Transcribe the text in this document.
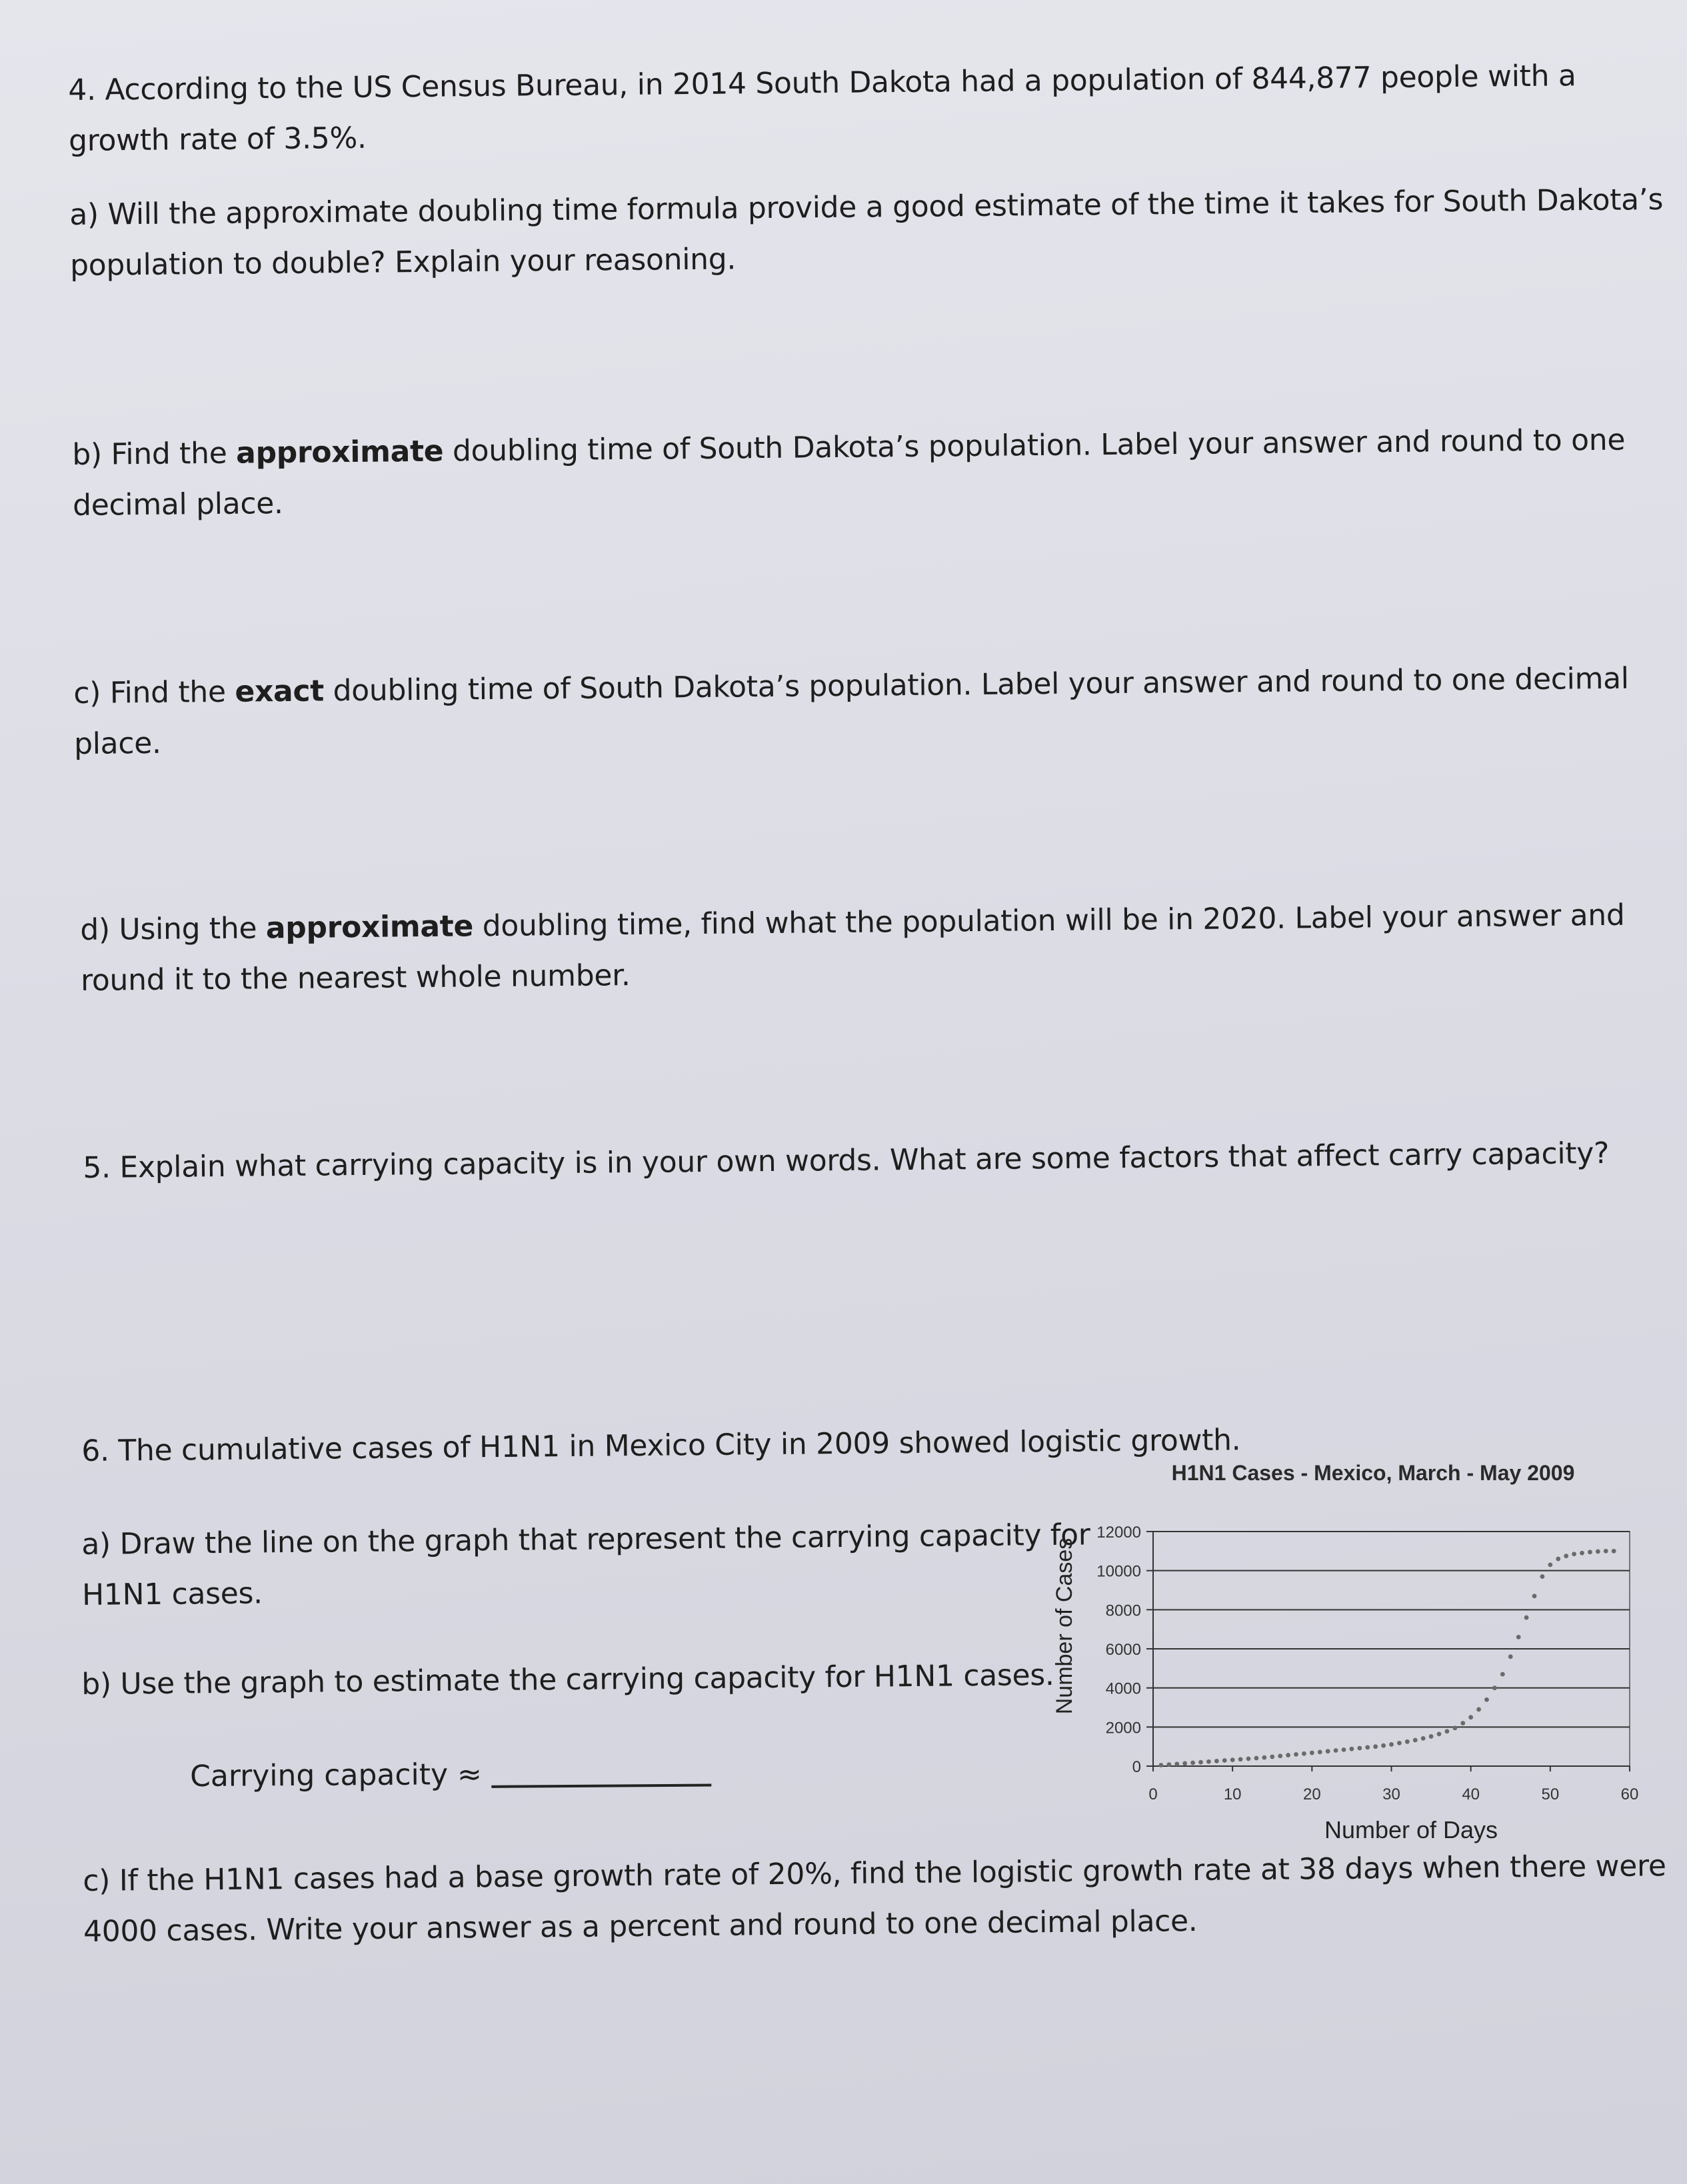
4. According to the US Census Bureau, in 2014 South Dakota had a population of 844,877 people with a
growth rate of 3.5%.
a) Will the approximate doubling time formula provide a good estimate of the time it takes for South Dakota’s
population to double? Explain your reasoning.
b) Find the approximate doubling time of South Dakota’s population. Label your answer and round to one
decimal place.
c) Find the exact doubling time of South Dakota’s population. Label your answer and round to one decimal
place.
d) Using the approximate doubling time, find what the population will be in 2020. Label your answer and
round it to the nearest whole number.
5. Explain what carrying capacity is in your own words. What are some factors that affect carry capacity?
6. The cumulative cases of H1N1 in Mexico City in 2009 showed logistic growth.
a) Draw the line on the graph that represent the carrying capacity for
H1N1 cases.
b) Use the graph to estimate the carrying capacity for H1N1 cases.
Carrying capacity ≈
c) If the H1N1 cases had a base growth rate of 20%, find the logistic growth rate at 38 days when there were
4000 cases. Write your answer as a percent and round to one decimal place.
H1N1 Cases - Mexico, March - May 2009
Number of Cases
Number of Days
0
2000
4000
6000
8000
10000
12000
0	10	20	30	40	50	60
